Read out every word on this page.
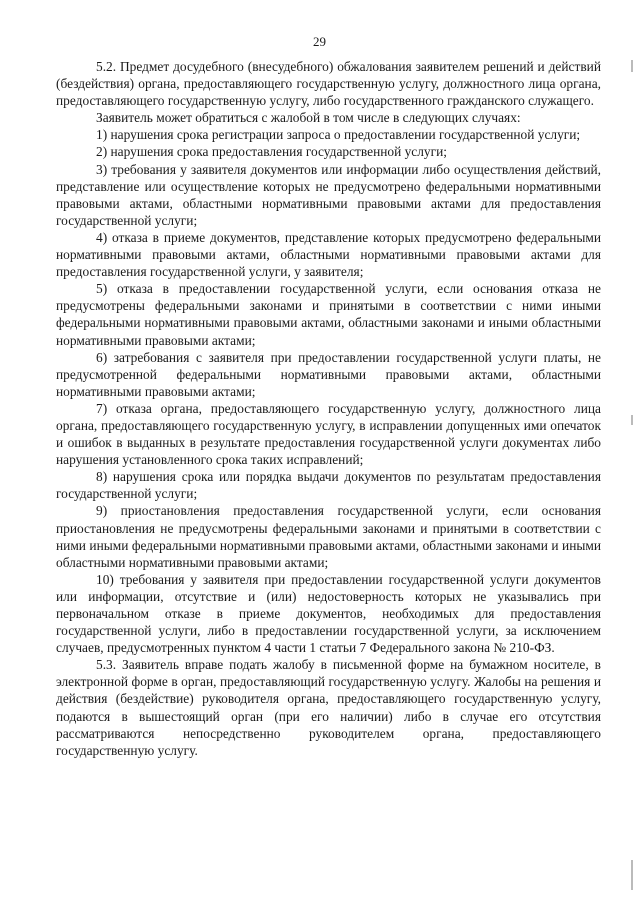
29

5.2. Предмет досудебного (внесудебного) обжалования заявителем решений и действий (бездействия) органа, предоставляющего государственную услугу, должностного лица органа, предоставляющего государственную услугу, либо государственного гражданского служащего.

Заявитель может обратиться с жалобой в том числе в следующих случаях:

1) нарушения срока регистрации запроса о предоставлении государственной услуги;

2) нарушения срока предоставления государственной услуги;

3) требования у заявителя документов или информации либо осуществления действий, представление или осуществление которых не предусмотрено федеральными нормативными правовыми актами, областными нормативными правовыми актами для предоставления государственной услуги;

4) отказа в приеме документов, представление которых предусмотрено федеральными нормативными правовыми актами, областными нормативными правовыми актами для предоставления государственной услуги, у заявителя;

5) отказа в предоставлении государственной услуги, если основания отказа не предусмотрены федеральными законами и принятыми в соответствии с ними иными федеральными нормативными правовыми актами, областными законами и иными областными нормативными правовыми актами;

6) затребования с заявителя при предоставлении государственной услуги платы, не предусмотренной федеральными нормативными правовыми актами, областными нормативными правовыми актами;

7) отказа органа, предоставляющего государственную услугу, должностного лица органа, предоставляющего государственную услугу, в исправлении допущенных ими опечаток и ошибок в выданных в результате предоставления государственной услуги документах либо нарушения установленного срока таких исправлений;

8) нарушения срока или порядка выдачи документов по результатам предоставления государственной услуги;

9) приостановления предоставления государственной услуги, если основания приостановления не предусмотрены федеральными законами и принятыми в соответствии с ними иными федеральными нормативными правовыми актами, областными законами и иными областными нормативными правовыми актами;

10) требования у заявителя при предоставлении государственной услуги документов или информации, отсутствие и (или) недостоверность которых не указывались при первоначальном отказе в приеме документов, необходимых для предоставления государственной услуги, либо в предоставлении государственной услуги, за исключением случаев, предусмотренных пунктом 4 части 1 статьи 7 Федерального закона № 210-ФЗ.

5.3. Заявитель вправе подать жалобу в письменной форме на бумажном носителе, в электронной форме в орган, предоставляющий государственную услугу. Жалобы на решения и действия (бездействие) руководителя органа, предоставляющего государственную услугу, подаются в вышестоящий орган (при его наличии) либо в случае его отсутствия рассматриваются непосредственно руководителем органа, предоставляющего государственную услугу.
